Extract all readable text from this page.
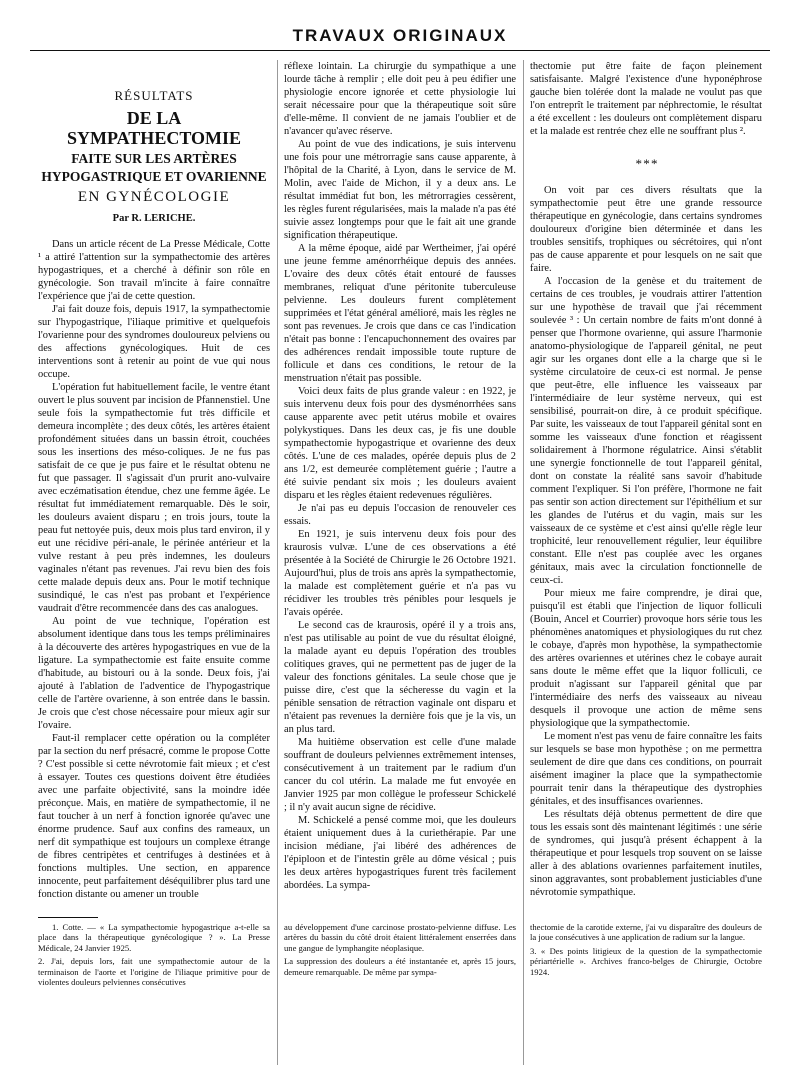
TRAVAUX ORIGINAUX
RÉSULTATS
DE LA SYMPATHECTOMIE
FAITE SUR LES ARTÈRES HYPOGASTRIQUE ET OVARIENNE
EN GYNÉCOLOGIE
Par R. LERICHE.

Dans un article récent de La Presse Médicale, Cotte ¹ a attiré l'attention sur la sympathectomie des artères hypogastriques, et a cherché à définir son rôle en gynécologie. Son travail m'incite à faire connaître l'expérience que j'ai de cette question.

J'ai fait douze fois, depuis 1917, la sympathectomie sur l'hypogastrique, l'iliaque primitive et quelquefois l'ovarienne pour des syndromes douloureux pelviens ou des affections gynécologiques. Huit de ces interventions sont à retenir au point de vue qui nous occupe.

L'opération fut habituellement facile, le ventre étant ouvert le plus souvent par incision de Pfannenstiel. Une seule fois la sympathectomie fut très difficile et demeura incomplète ; des deux côtés, les artères étaient profondément situées dans un bassin étroit, couchées sous les insertions des méso-coliques. Je ne fus pas satisfait de ce que je pus faire et le résultat obtenu ne fut que passager. Il s'agissait d'un prurit ano-vulvaire avec eczématisation étendue, chez une femme âgée. Le résultat fut immédiatement remarquable. Dès le soir, les douleurs avaient disparu ; en trois jours, toute la peau fut nettoyée puis, deux mois plus tard environ, il y eut une récidive péri-anale, le périnée antérieur et la vulve restant à peu près indemnes, les douleurs vaginales n'étant pas revenues. J'ai revu bien des fois cette malade depuis deux ans. Pour le motif technique susindiqué, le cas n'est pas probant et l'expérience vaudrait d'être recommencée dans des cas analogues.

Au point de vue technique, l'opération est absolument identique dans tous les temps préliminaires à la découverte des artères hypogastriques en vue de la ligature. La sympathectomie est faite ensuite comme d'habitude, au bistouri ou à la sonde. Deux fois, j'ai ajouté à l'ablation de l'adventice de l'hypogastrique celle de l'artère ovarienne, à son entrée dans le bassin. Je crois que c'est chose nécessaire pour mieux agir sur l'ovaire.

Faut-il remplacer cette opération ou la compléter par la section du nerf présacré, comme le propose Cotte ? C'est possible si cette névrotomie fait mieux ; et c'est à essayer. Toutes ces questions doivent être étudiées avec une parfaite objectivité, sans la moindre idée préconçue. Mais, en matière de sympathectomie, il ne faut toucher à un nerf à fonction ignorée qu'avec une énorme prudence. Sauf aux confins des rameaux, un nerf dit sympathique est toujours un complexe étrange de fibres centripètes et centrifuges à destinées et à fonctions multiples. Une section, en apparence innocente, peut parfaitement déséquilibrer plus tard une fonction distante ou amener un trouble

réflexe lointain. La chirurgie du sympathique a une lourde tâche à remplir ; elle doit peu à peu édifier une physiologie encore ignorée et cette physiologie lui serait nécessaire pour que la thérapeutique soit sûre d'elle-même. Il convient de ne jamais l'oublier et de n'avancer qu'avec réserve.

Au point de vue des indications, je suis intervenu une fois pour une métrorragie sans cause apparente, à l'hôpital de la Charité, à Lyon, dans le service de M. Molin, avec l'aide de Michon, il y a deux ans. Le résultat immédiat fut bon, les métrorragies cessèrent, les règles furent régularisées, mais la malade n'a pas été suivie assez longtemps pour que le fait ait une grande signification thérapeutique.

A la même époque, aidé par Wertheimer, j'ai opéré une jeune femme aménorrhéique depuis des années. L'ovaire des deux côtés était entouré de fausses membranes, reliquat d'une péritonite tuberculeuse pelvienne. Les douleurs furent complètement supprimées et l'état général amélioré, mais les règles ne sont pas revenues. Je crois que dans ce cas l'indication n'était pas bonne : l'encapuchonnement des ovaires par des adhérences rendait impossible toute rupture de follicule et dans ces conditions, le retour de la menstruation n'était pas possible.

Voici deux faits de plus grande valeur : en 1922, je suis intervenu deux fois pour des dysménorrhées sans cause apparente avec petit utérus mobile et ovaires polykystiques. Dans les deux cas, je fis une double sympathectomie hypogastrique et ovarienne des deux côtés. L'une de ces malades, opérée depuis plus de 2 ans 1/2, est demeurée complètement guérie ; l'autre a été suivie pendant six mois ; les douleurs avaient disparu et les règles étaient redevenues régulières.

Je n'ai pas eu depuis l'occasion de renouveler ces essais.

En 1921, je suis intervenu deux fois pour des kraurosis vulvæ. L'une de ces observations a été présentée à la Société de Chirurgie le 26 Octobre 1921. Aujourd'hui, plus de trois ans après la sympathectomie, la malade est complètement guérie et n'a pas vu récidiver les troubles très pénibles pour lesquels je l'avais opérée.

Le second cas de kraurosis, opéré il y a trois ans, n'est pas utilisable au point de vue du résultat éloigné, la malade ayant eu depuis l'opération des troubles colitiques graves, qui ne permettent pas de juger de la valeur des fonctions génitales. La seule chose que je puisse dire, c'est que la sécheresse du vagin et la pénible sensation de rétraction vaginale ont disparu et n'étaient pas revenues la dernière fois que je la vis, un an plus tard.

Ma huitième observation est celle d'une malade souffrant de douleurs pelviennes extrêmement intenses, consécutivement à un traitement par le radium d'un cancer du col utérin. La malade me fut envoyée en Janvier 1925 par mon collègue le professeur Schickelé ; il n'y avait aucun signe de récidive.

M. Schickelé a pensé comme moi, que les douleurs étaient uniquement dues à la curiethérapie. Par une incision médiane, j'ai libéré des adhérences de l'épiploon et de l'intestin grêle au dôme vésical ; puis les deux artères hypogastriques furent très facilement abordées. La sympa-

thectomie put être faite de façon pleinement satisfaisante. Malgré l'existence d'une hyponéphrose gauche bien tolérée dont la malade ne voulut pas que l'on entreprît le traitement par néphrectomie, le résultat a été excellent : les douleurs ont complètement disparu et la malade est rentrée chez elle ne souffrant plus ².

* * *

On voit par ces divers résultats que la sympathectomie peut être une grande ressource thérapeutique en gynécologie, dans certains syndromes douloureux d'origine bien déterminée et dans les troubles sensitifs, trophiques ou sécrétoires, qui n'ont pas de cause apparente et pour lesquels on ne sait que faire.

A l'occasion de la genèse et du traitement de certains de ces troubles, je voudrais attirer l'attention sur une hypothèse de travail que j'ai récemment soulevée ³ : Un certain nombre de faits m'ont donné à penser que l'hormone ovarienne, qui assure l'harmonie anatomo-physiologique de l'appareil génital, ne peut agir sur les organes dont elle a la charge que si le système circulatoire de ceux-ci est normal. Je pense que peut-être, elle influence les vaisseaux par l'intermédiaire de leur système nerveux, qui est sensibilisé, pourrait-on dire, à ce produit spécifique. Par suite, les vaisseaux de tout l'appareil génital sont en somme les vaisseaux d'une fonction et réagissent solidairement à l'hormone régulatrice. Ainsi s'établit une synergie fonctionnelle de tout l'appareil génital, dont on constate la réalité sans savoir d'habitude comment l'expliquer. Si l'on préfère, l'hormone ne fait pas sentir son action directement sur l'épithélium et sur les glandes de l'utérus et du vagin, mais sur les vaisseaux de ce système et c'est ainsi qu'elle règle leur trophicité, leur renouvellement régulier, leur équilibre constant. Elle n'est pas couplée avec les organes génitaux, mais avec la circulation fonctionnelle de ceux-ci.

Pour mieux me faire comprendre, je dirai que, puisqu'il est établi que l'injection de liquor folliculi (Bouin, Ancel et Courrier) provoque hors série tous les phénomènes anatomiques et physiologiques du rut chez le cobaye, d'après mon hypothèse, la sympathectomie des artères ovariennes et utérines chez le cobaye aurait sans doute le même effet que la liquor folliculi, ce produit n'agissant sur l'appareil génital que par l'intermédiaire des nerfs des vaisseaux au niveau desquels il provoque une action de même sens physiologique que la sympathectomie.

Le moment n'est pas venu de faire connaître les faits sur lesquels se base mon hypothèse ; on me permettra seulement de dire que dans ces conditions, on pourrait aisément imaginer la place que la sympathectomie pourrait tenir dans la thérapeutique des dystrophies génitales, et des insuffisances ovariennes.

Les résultats déjà obtenus permettent de dire que tous les essais sont dès maintenant légitimés : une série de syndromes, qui jusqu'à présent échappent à la thérapeutique et pour lesquels trop souvent on se laisse aller à des ablations ovariennes parfaitement inutiles, sinon aggravantes, sont probablement justiciables d'une névrotomie sympathique.

1. Cotte. — « La sympathectomie hypogastrique a-t-elle sa place dans la thérapeutique gynécologique ? ». La Presse Médicale, 24 Janvier 1925.

2. J'ai, depuis lors, fait une sympathectomie autour de la terminaison de l'aorte et l'origine de l'iliaque primitive pour de violentes douleurs pelviennes consécutives

au développement d'une carcinose prostato-pelvienne diffuse. Les artères du bassin du côté droit étaient littéralement enserrées dans une gangue de lymphangite néoplasique.

La suppression des douleurs a été instantanée et, après 15 jours, demeure remarquable. De même par sympa-

thectomie de la carotide externe, j'ai vu disparaître des douleurs de la joue consécutives à une application de radium sur la langue.

3. « Des points litigieux de la question de la sympathectomie périartérielle ». Archives franco-belges de Chirurgie, Octobre 1924.
